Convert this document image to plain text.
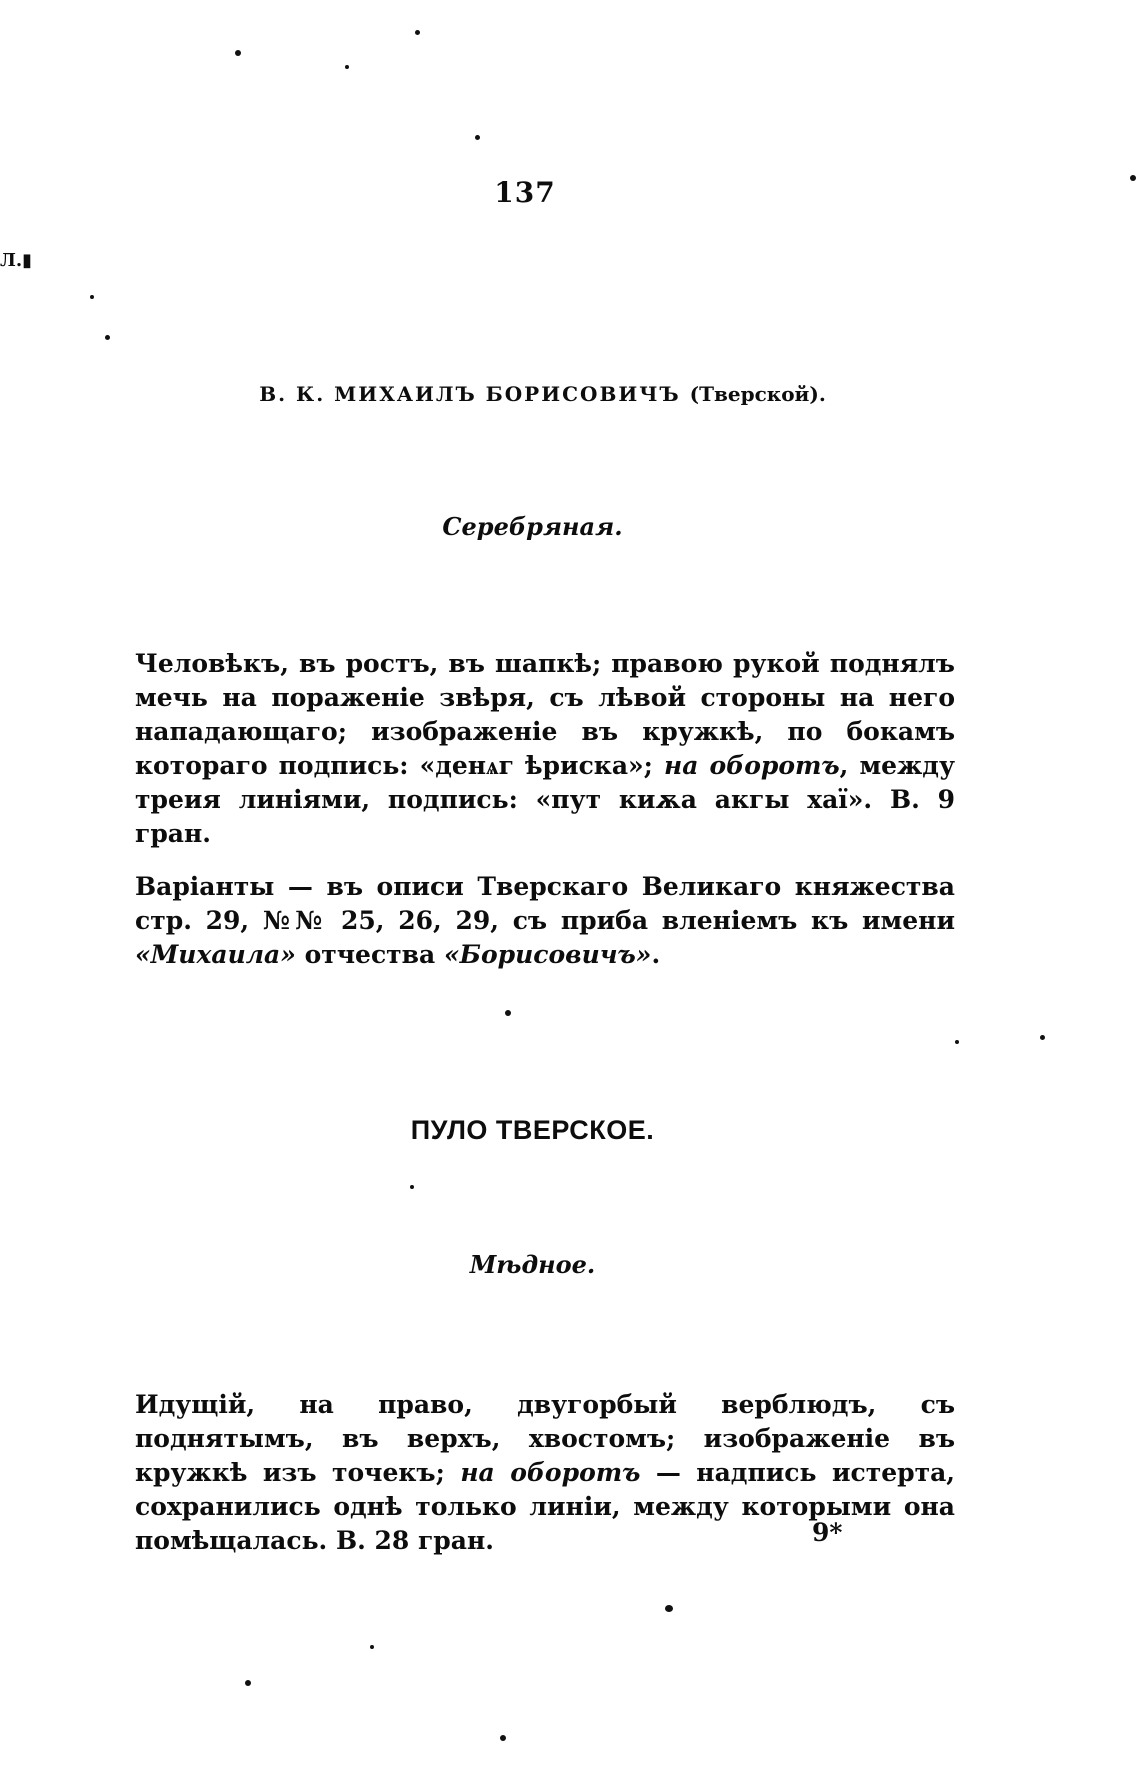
Л.▮
137
В. К. МИХАИЛЪ БОРИСОВИЧЪ (Тверской).
Серебряная.
Человѣкъ, въ ростъ, въ шапкѣ; правою рукой поднялъ мечь на пораженіе звѣря, съ лѣвой стороны на него нападающаго; изображеніе въ кружкѣ, по бокамъ котораго подпись: «денѧг ѣриска»; на оборотъ, между треия линіями, подпись: «пут киѫа акгы хаї». В. 9 гран.
Варіанты — въ описи Тверскаго Великаго княжества стр. 29, №№ 25, 26, 29, съ приба вленіемъ къ имени «Михаила» отчества «Борисовичъ».
ПУЛО ТВЕРСКОЕ.
Мѣдное.
Идущій, на право, двугорбый верблюдъ, съ поднятымъ, въ верхъ, хвостомъ; изображеніе въ кружкѣ изъ точекъ; на оборотъ — надпись истерта, сохранились однѣ только линіи, между которыми она помѣщалась. В. 28 гран.	9*
